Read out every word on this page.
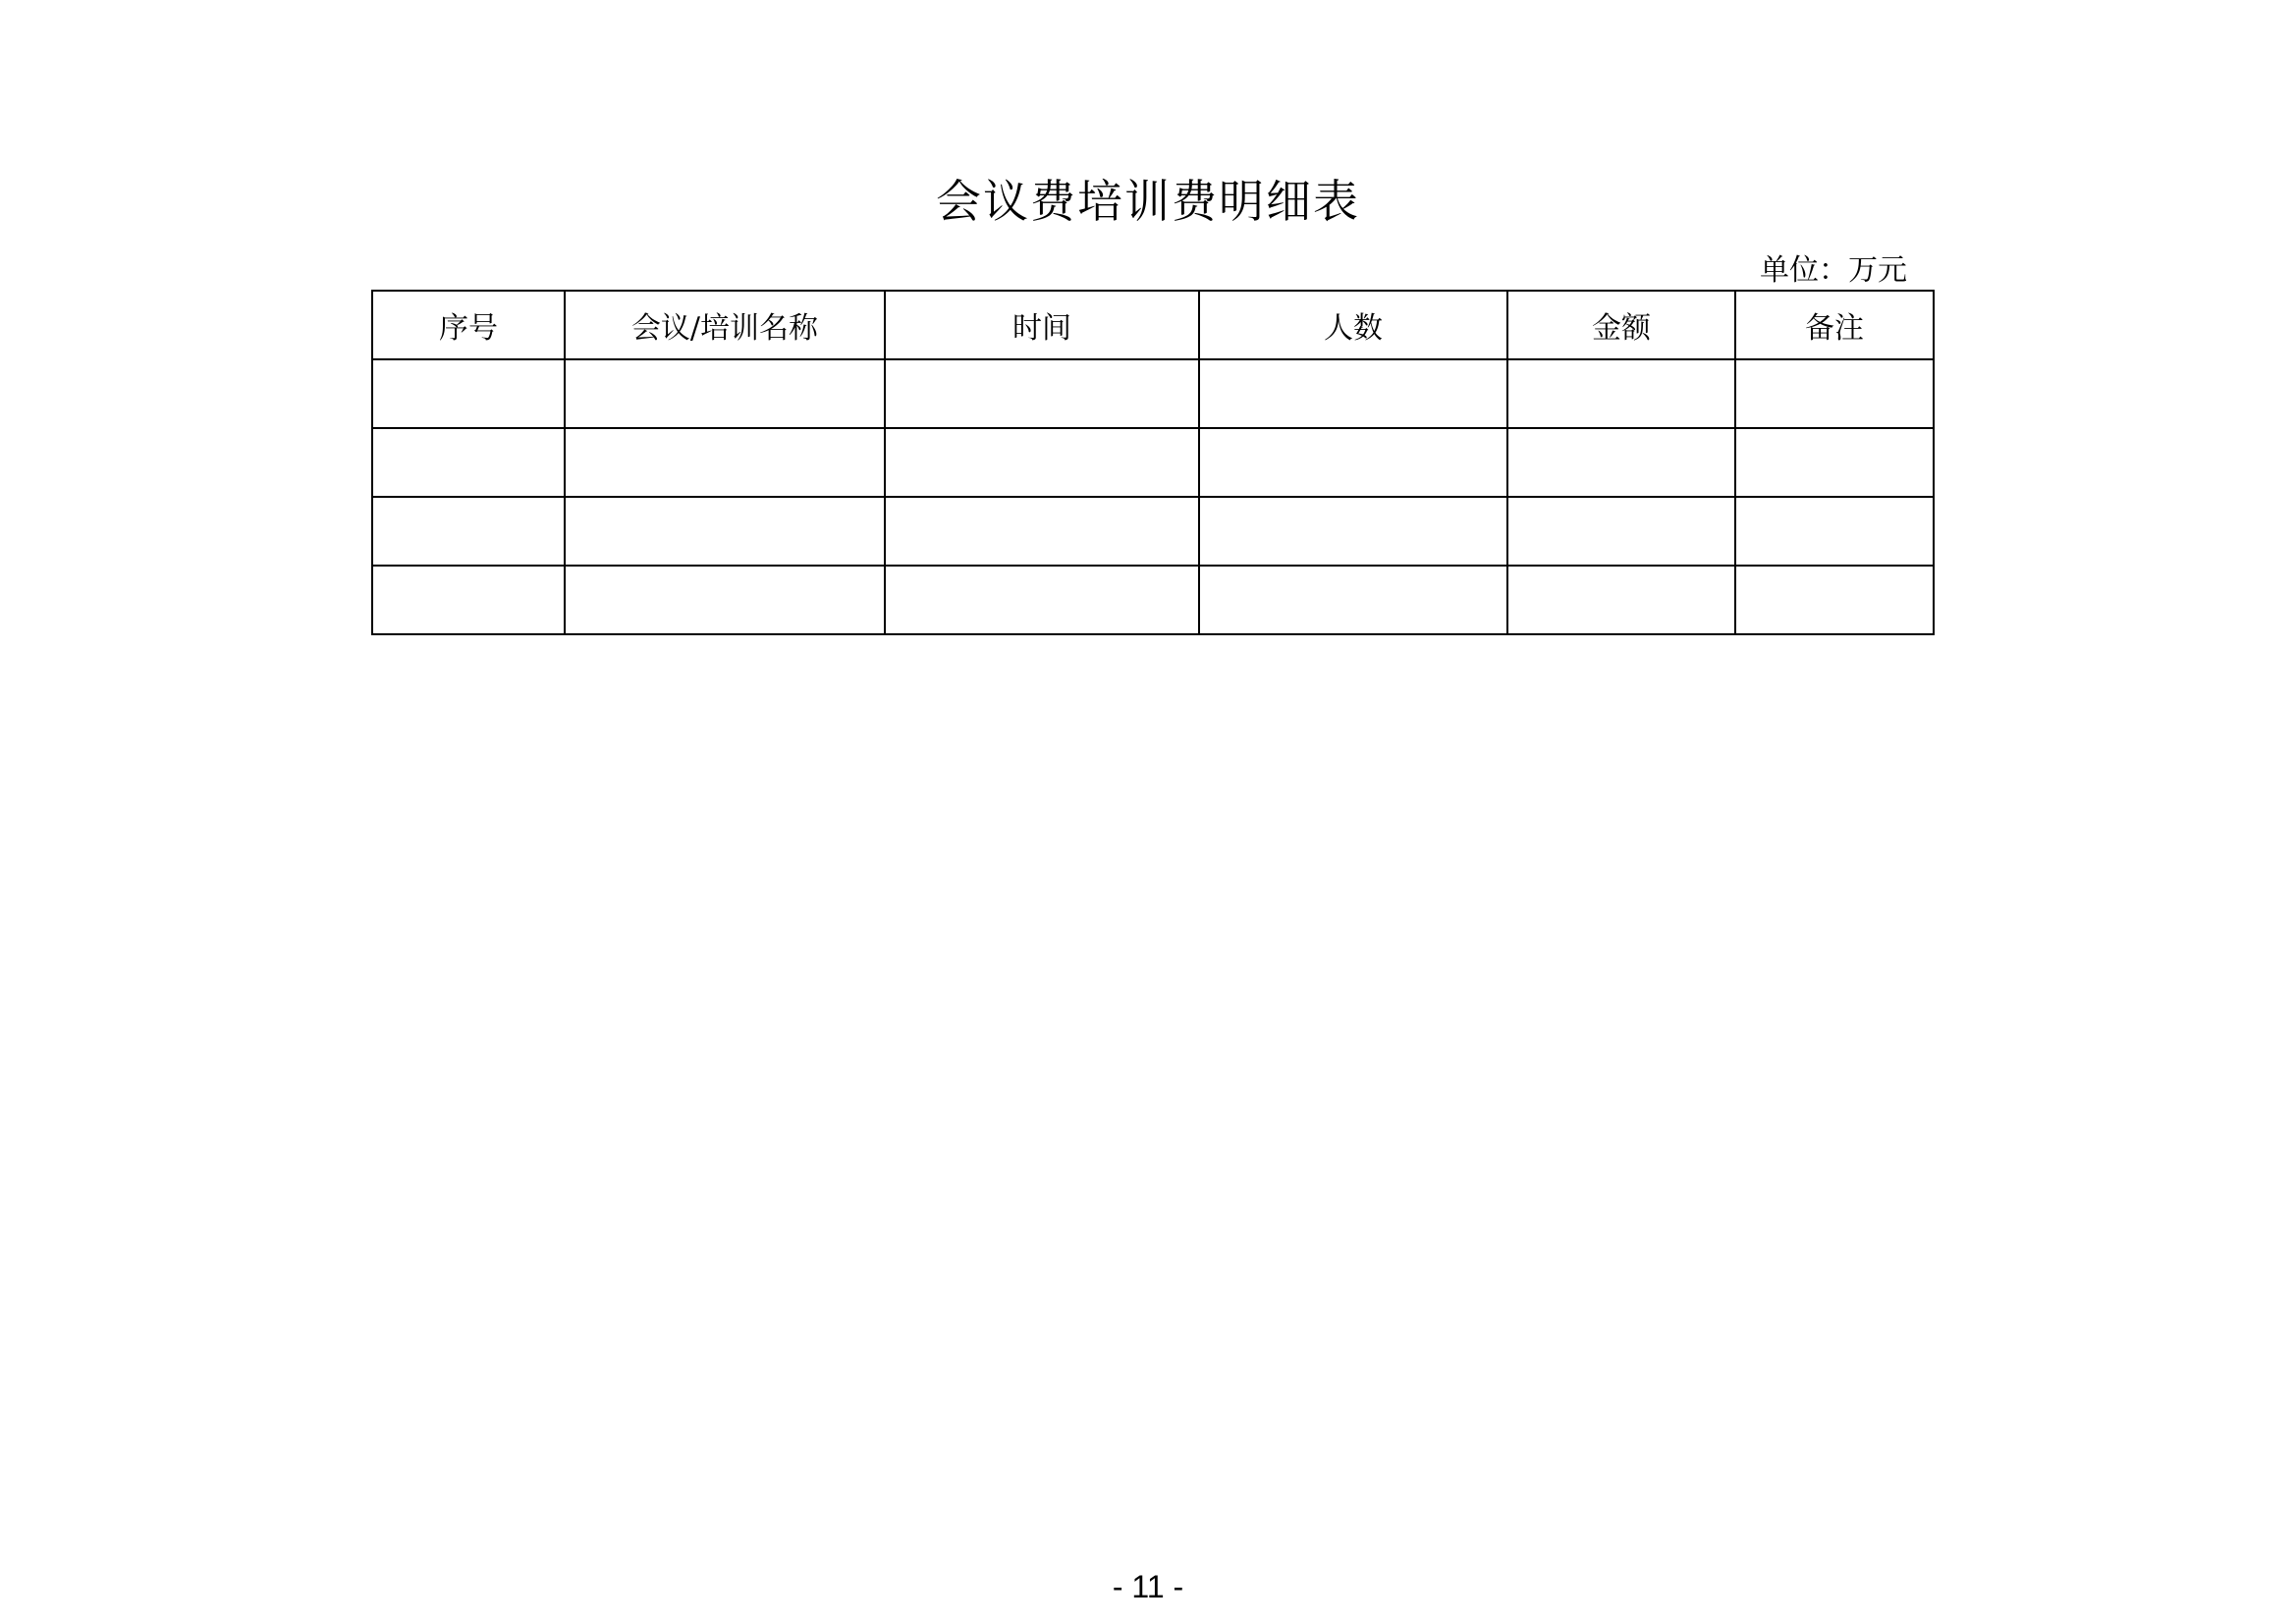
会议费培训费明细表
单位：万元
序号	会议/培训名称	时间	人数	金额	备注

- 11 -
